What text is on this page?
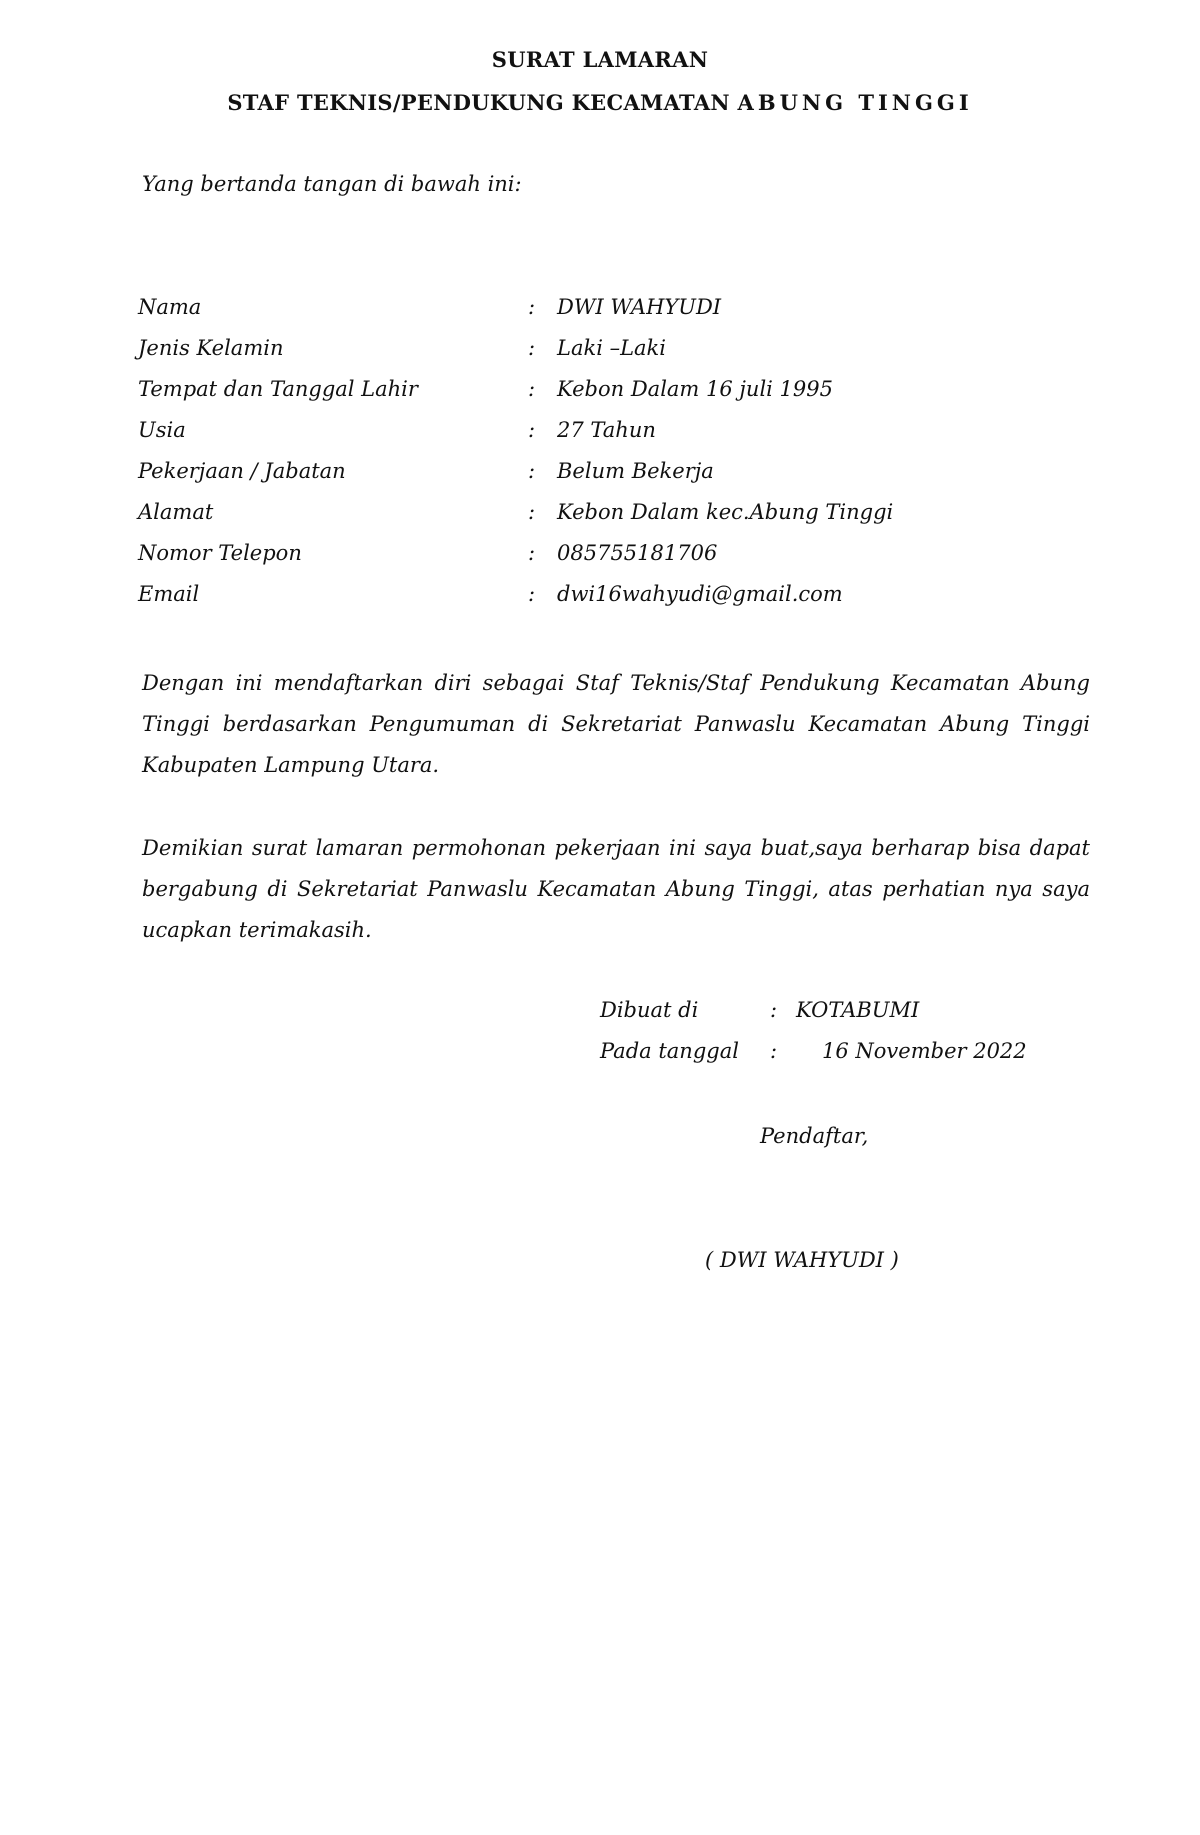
SURAT LAMARAN
STAF TEKNIS/PENDUKUNG KECAMATAN ABUNG TINGGI
Yang bertanda tangan di bawah ini:
Nama	: DWI WAHYUDI
Jenis Kelamin	: Laki –Laki
Tempat dan Tanggal Lahir	: Kebon Dalam 16 juli 1995
Usia	: 27 Tahun
Pekerjaan / Jabatan	: Belum Bekerja
Alamat	: Kebon Dalam kec.Abung Tinggi
Nomor Telepon	: 085755181706
Email	: dwi16wahyudi@gmail.com
Dengan ini mendaftarkan diri sebagai Staf Teknis/Staf Pendukung Kecamatan Abung Tinggi berdasarkan Pengumuman di Sekretariat Panwaslu Kecamatan Abung Tinggi Kabupaten Lampung Utara.
Demikian surat lamaran permohonan pekerjaan ini saya buat,saya berharap bisa dapat bergabung di Sekretariat Panwaslu Kecamatan Abung Tinggi, atas perhatian nya saya ucapkan terimakasih.
Dibuat di	: KOTABUMI
Pada tanggal : 16 November 2022
Pendaftar,
( DWI WAHYUDI )
